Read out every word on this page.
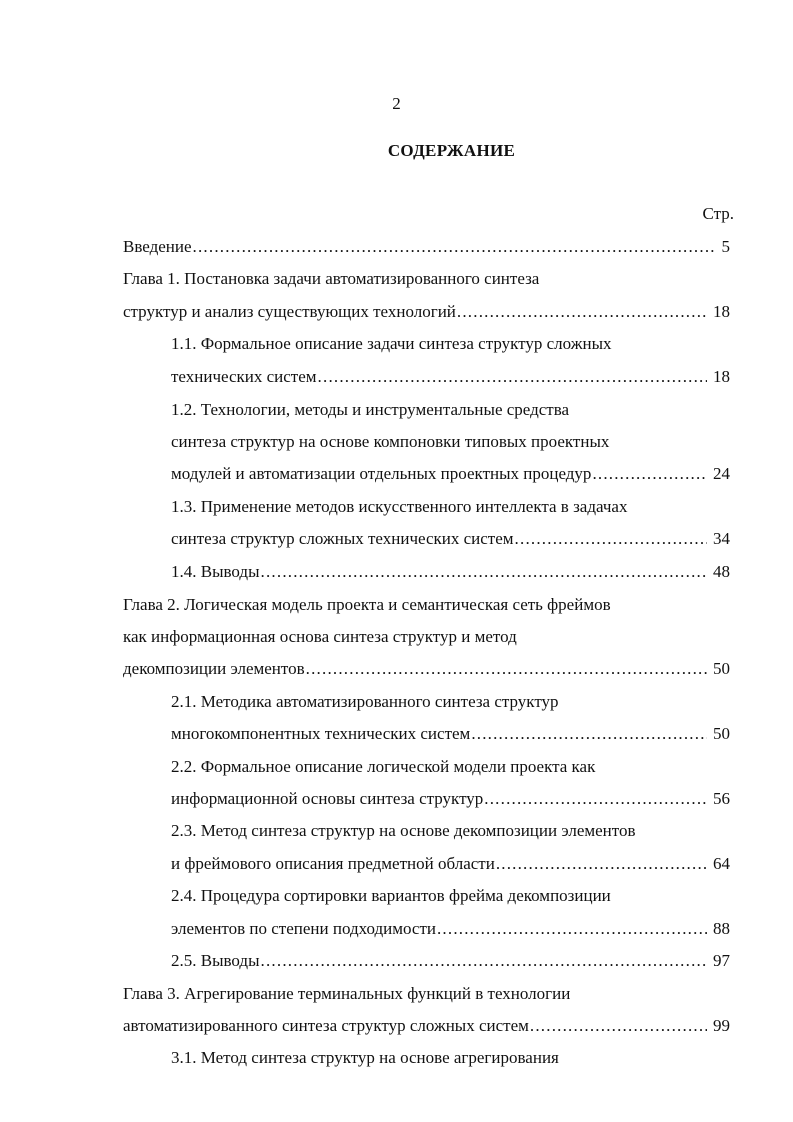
2
СОДЕРЖАНИЕ
Стр.
Введение .....	5
Глава 1. Постановка задачи автоматизированного синтеза
структур и анализ существующих технологий .....	18
1.1. Формальное описание задачи синтеза структур сложных
технических систем .....	18
1.2. Технологии, методы и инструментальные средства
синтеза структур на основе компоновки типовых проектных
модулей и автоматизации отдельных проектных процедур .....	24
1.3. Применение методов искусственного интеллекта в задачах
синтеза структур сложных технических систем .....	34
1.4. Выводы .....	48
Глава 2. Логическая модель проекта и семантическая сеть фреймов
как информационная основа синтеза структур и метод
декомпозиции элементов .....	50
2.1. Методика автоматизированного синтеза структур
многокомпонентных технических систем .....	50
2.2. Формальное описание логической модели проекта как
информационной основы синтеза структур .....	56
2.3. Метод синтеза структур на основе декомпозиции элементов
и фреймового описания предметной области .....	64
2.4. Процедура сортировки вариантов фрейма декомпозиции
элементов по степени подходимости .....	88
2.5. Выводы .....	97
Глава 3. Агрегирование терминальных функций в технологии
автоматизированного синтеза структур сложных систем .....	99
3.1. Метод синтеза структур на основе агрегирования
